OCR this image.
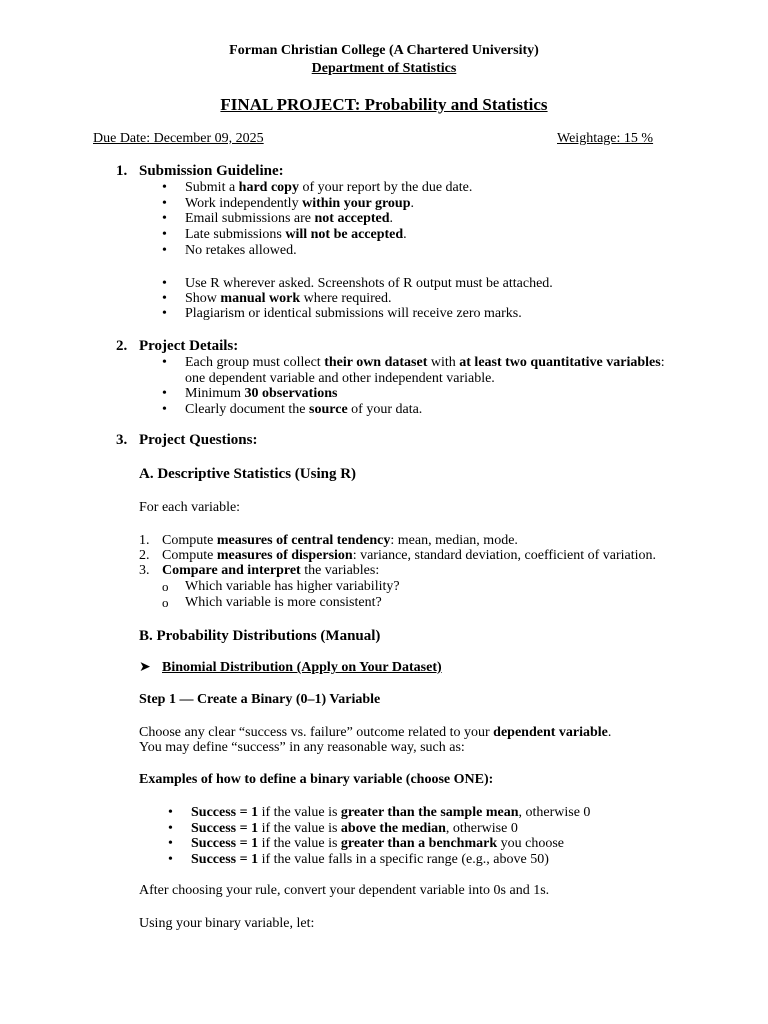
Forman Christian College (A Chartered University)
Department of Statistics
FINAL PROJECT: Probability and Statistics
Due Date: December 09, 2025	Weightage: 15 %
1. Submission Guideline:
• Submit a hard copy of your report by the due date.
• Work independently within your group.
• Email submissions are not accepted.
• Late submissions will not be accepted.
• No retakes allowed.
• Use R wherever asked. Screenshots of R output must be attached.
• Show manual work where required.
• Plagiarism or identical submissions will receive zero marks.
2. Project Details:
• Each group must collect their own dataset with at least two quantitative variables:
one dependent variable and other independent variable.
• Minimum 30 observations
• Clearly document the source of your data.
3. Project Questions:
A. Descriptive Statistics (Using R)
For each variable:
1. Compute measures of central tendency: mean, median, mode.
2. Compute measures of dispersion: variance, standard deviation, coefficient of variation.
3. Compare and interpret the variables:
o Which variable has higher variability?
o Which variable is more consistent?
B. Probability Distributions (Manual)
➤ Binomial Distribution (Apply on Your Dataset)
Step 1 — Create a Binary (0–1) Variable
Choose any clear “success vs. failure” outcome related to your dependent variable.
You may define “success” in any reasonable way, such as:
Examples of how to define a binary variable (choose ONE):
• Success = 1 if the value is greater than the sample mean, otherwise 0
• Success = 1 if the value is above the median, otherwise 0
• Success = 1 if the value is greater than a benchmark you choose
• Success = 1 if the value falls in a specific range (e.g., above 50)
After choosing your rule, convert your dependent variable into 0s and 1s.
Using your binary variable, let:
